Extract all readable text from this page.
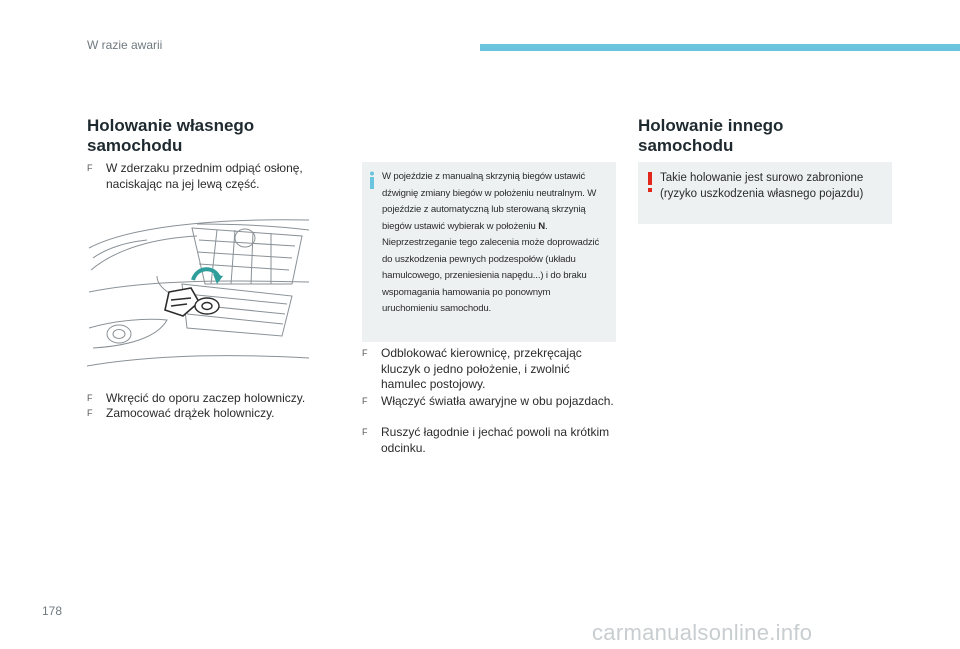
W razie awarii
Holowanie własnego samochodu
F	W zderzaku przednim odpiąć osłonę, naciskając na jej lewą część.
F	Wkręcić do oporu zaczep holowniczy.
F	Zamocować drążek holowniczy.
W pojeździe z manualną skrzynią biegów ustawić dźwignię zmiany biegów w położeniu neutralnym. W pojeździe z automatyczną lub sterowaną skrzynią biegów ustawić wybierak w położeniu N. Nieprzestrzeganie tego zalecenia może doprowadzić do uszkodzenia pewnych podzespołów (układu hamulcowego, przeniesienia napędu...) i do braku wspomagania hamowania po ponownym uruchomieniu samochodu.
F	Odblokować kierownicę, przekręcając kluczyk o jedno położenie, i zwolnić hamulec postojowy.
F	Włączyć światła awaryjne w obu pojazdach.
F	Ruszyć łagodnie i jechać powoli na krótkim odcinku.
Holowanie innego samochodu
Takie holowanie jest surowo zabronione (ryzyko uszkodzenia własnego pojazdu)
178
carmanualsonline.info
